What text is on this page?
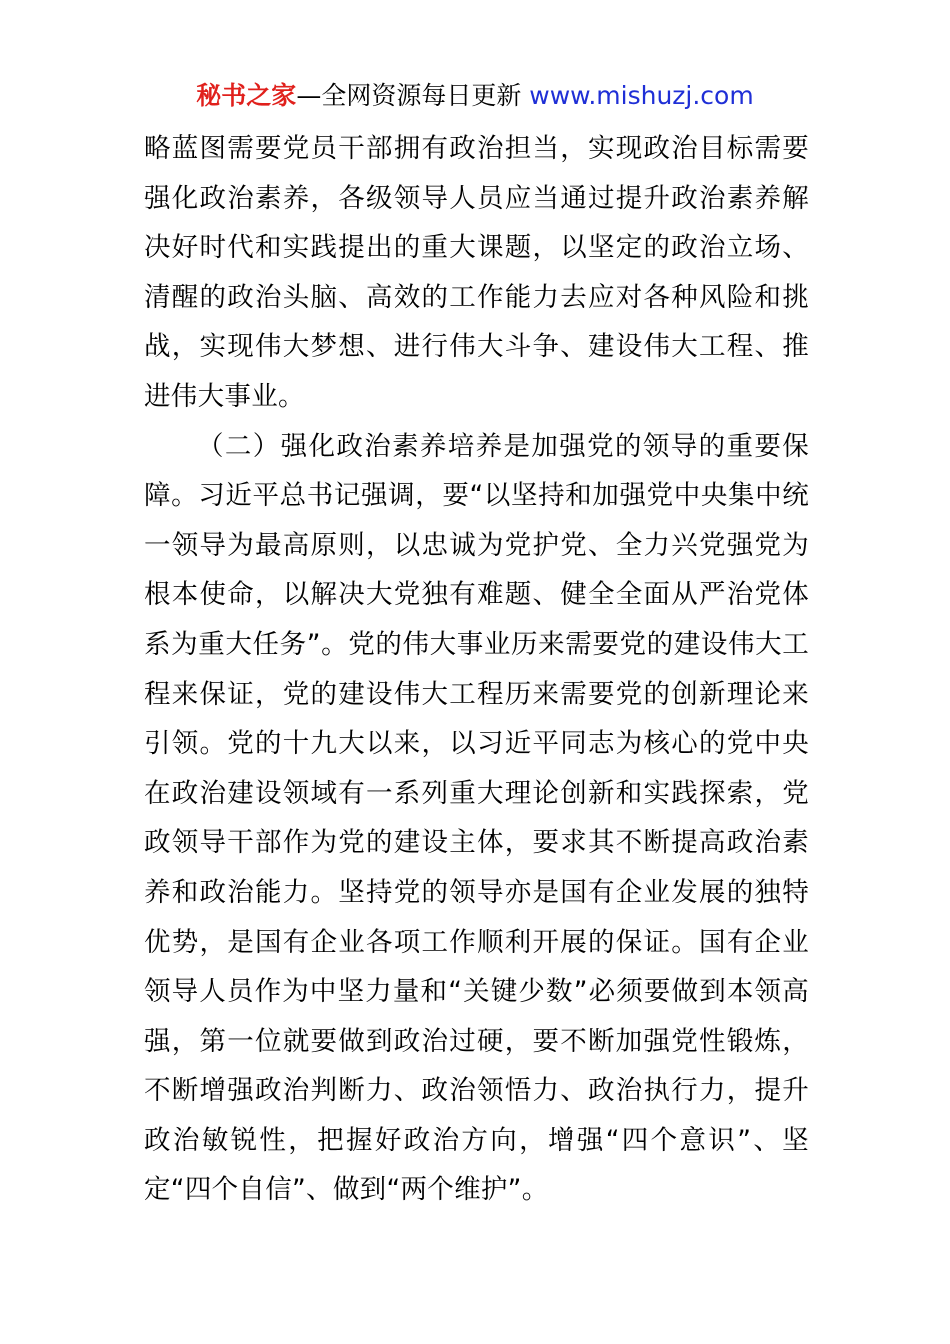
秘书之家—全网资源每日更新 www.mishuzj.com

略蓝图需要党员干部拥有政治担当，实现政治目标需要强化政治素养，各级领导人员应当通过提升政治素养解决好时代和实践提出的重大课题，以坚定的政治立场、清醒的政治头脑、高效的工作能力去应对各种风险和挑战，实现伟大梦想、进行伟大斗争、建设伟大工程、推进伟大事业。

（二）强化政治素养培养是加强党的领导的重要保障。习近平总书记强调，要“以坚持和加强党中央集中统一领导为最高原则，以忠诚为党护党、全力兴党强党为根本使命，以解决大党独有难题、健全全面从严治党体系为重大任务”。党的伟大事业历来需要党的建设伟大工程来保证，党的建设伟大工程历来需要党的创新理论来引领。党的十九大以来，以习近平同志为核心的党中央在政治建设领域有一系列重大理论创新和实践探索，党政领导干部作为党的建设主体，要求其不断提高政治素养和政治能力。坚持党的领导亦是国有企业发展的独特优势，是国有企业各项工作顺利开展的保证。国有企业领导人员作为中坚力量和“关键少数”必须要做到本领高强，第一位就要做到政治过硬，要不断加强党性锻炼，不断增强政治判断力、政治领悟力、政治执行力，提升政治敏锐性，把握好政治方向，增强“四个意识”、坚定“四个自信”、做到“两个维护”。
